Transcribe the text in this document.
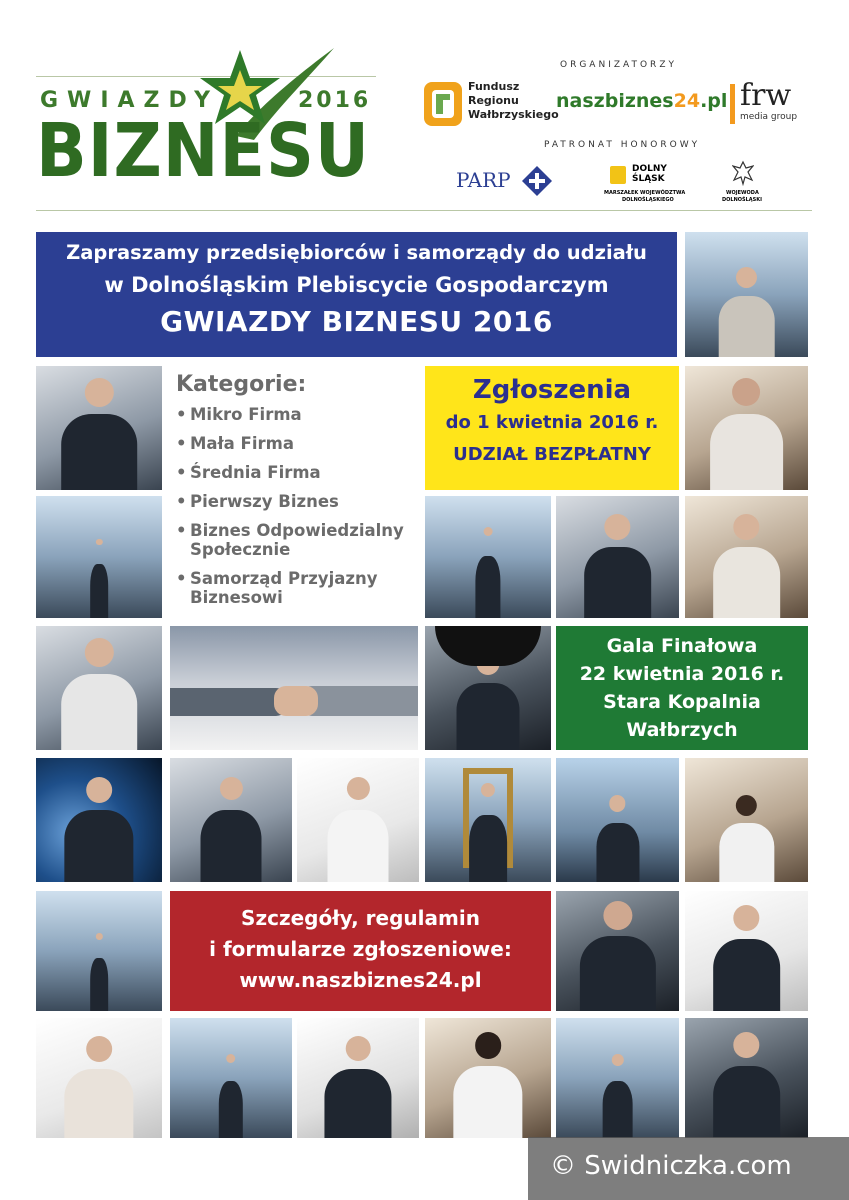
GWIAZDY	2016
BIZNESU
ORGANIZATORZY
Fundusz
Regionu
Wałbrzyskiego
naszbiznes24.pl frw
media group
PATRONAT HONOROWY
PARP	DOLNY
ŚLĄSK
MARSZAŁEK WOJEWÓDZTWA
DOLNOŚLĄSKIEGO
WOJEWODA
DOLNOŚLĄSKI
Zapraszamy przedsiębiorców i samorządy do udziału
w Dolnośląskim Plebiscycie Gospodarczym
GWIAZDY BIZNESU 2016
Kategorie:
• Mikro Firma
• Mała Firma
• Średnia Firma
• Pierwszy Biznes
• Biznes Odpowiedzialny
Społecznie
• Samorząd Przyjazny
Biznesowi
Zgłoszenia
do 1 kwietnia 2016 r.
UDZIAŁ BEZPŁATNY
Gala Finałowa
22 kwietnia 2016 r.
Stara Kopalnia
Wałbrzych
Szczegóły, regulamin
i formularze zgłoszeniowe:
www.naszbiznes24.pl
© Swidniczka.com
